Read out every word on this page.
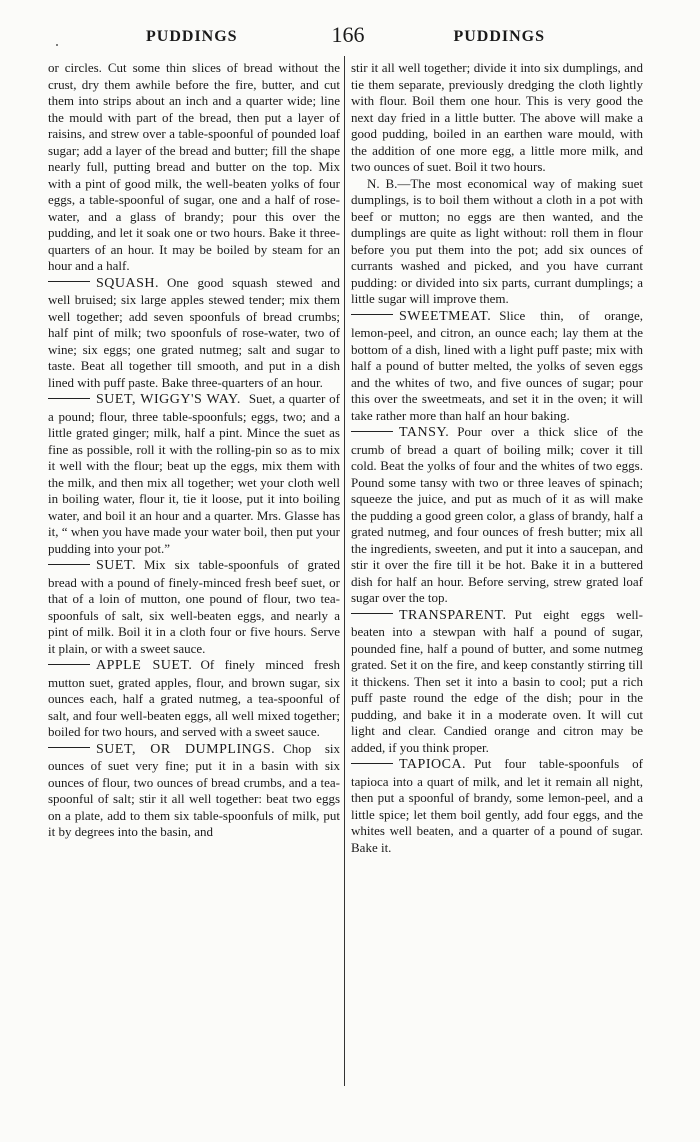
PUDDINGS	166	PUDDINGS

or circles. Cut some thin slices of bread without the crust, dry them awhile before the fire, butter, and cut them into strips about an inch and a quarter wide; line the mould with part of the bread, then put a layer of raisins, and strew over a table-spoonful of pounded loaf sugar; add a layer of the bread and butter; fill the shape nearly full, putting bread and butter on the top. Mix with a pint of good milk, the well-beaten yolks of four eggs, a table-spoonful of sugar, one and a half of rose-water, and a glass of brandy; pour this over the pudding, and let it soak one or two hours. Bake it three-quarters of an hour. It may be boiled by steam for an hour and a half.

SQUASH. One good squash stewed and well bruised; six large apples stewed tender; mix them well together; add seven spoonfuls of bread crumbs; half pint of milk; two spoonfuls of rose-water, two of wine; six eggs; one grated nutmeg; salt and sugar to taste. Beat all together till smooth, and put in a dish lined with puff paste. Bake three-quarters of an hour.

SUET, WIGGY'S WAY. Suet, a quarter of a pound; flour, three table-spoonfuls; eggs, two; and a little grated ginger; milk, half a pint. Mince the suet as fine as possible, roll it with the rolling-pin so as to mix it well with the flour; beat up the eggs, mix them with the milk, and then mix all together; wet your cloth well in boiling water, flour it, tie it loose, put it into boiling water, and boil it an hour and a quarter. Mrs. Glasse has it, “ when you have made your water boil, then put your pudding into your pot.”

SUET. Mix six table-spoonfuls of grated bread with a pound of finely-minced fresh beef suet, or that of a loin of mutton, one pound of flour, two tea-spoonfuls of salt, six well-beaten eggs, and nearly a pint of milk. Boil it in a cloth four or five hours. Serve it plain, or with a sweet sauce.

APPLE SUET. Of finely minced fresh mutton suet, grated apples, flour, and brown sugar, six ounces each, half a grated nutmeg, a tea-spoonful of salt, and four well-beaten eggs, all well mixed together; boiled for two hours, and served with a sweet sauce.

SUET, OR DUMPLINGS. Chop six ounces of suet very fine; put it in a basin with six ounces of flour, two ounces of bread crumbs, and a tea-spoonful of salt; stir it all well together: beat two eggs on a plate, add to them six table-spoonfuls of milk, put it by degrees into the basin, and

stir it all well together; divide it into six dumplings, and tie them separate, previously dredging the cloth lightly with flour. Boil them one hour. This is very good the next day fried in a little butter. The above will make a good pudding, boiled in an earthen ware mould, with the addition of one more egg, a little more milk, and two ounces of suet. Boil it two hours.

N. B.—The most economical way of making suet dumplings, is to boil them without a cloth in a pot with beef or mutton; no eggs are then wanted, and the dumplings are quite as light without: roll them in flour before you put them into the pot; add six ounces of currants washed and picked, and you have currant pudding: or divided into six parts, currant dumplings; a little sugar will improve them.

SWEETMEAT. Slice thin, of orange, lemon-peel, and citron, an ounce each; lay them at the bottom of a dish, lined with a light puff paste; mix with half a pound of butter melted, the yolks of seven eggs and the whites of two, and five ounces of sugar; pour this over the sweetmeats, and set it in the oven; it will take rather more than half an hour baking.

TANSY. Pour over a thick slice of the crumb of bread a quart of boiling milk; cover it till cold. Beat the yolks of four and the whites of two eggs. Pound some tansy with two or three leaves of spinach; squeeze the juice, and put as much of it as will make the pudding a good green color, a glass of brandy, half a grated nutmeg, and four ounces of fresh butter; mix all the ingredients, sweeten, and put it into a saucepan, and stir it over the fire till it be hot. Bake it in a buttered dish for half an hour. Before serving, strew grated loaf sugar over the top.

TRANSPARENT. Put eight eggs well-beaten into a stewpan with half a pound of sugar, pounded fine, half a pound of butter, and some nutmeg grated. Set it on the fire, and keep constantly stirring till it thickens. Then set it into a basin to cool; put a rich puff paste round the edge of the dish; pour in the pudding, and bake it in a moderate oven. It will cut light and clear. Candied orange and citron may be added, if you think proper.

TAPIOCA. Put four table-spoonfuls of tapioca into a quart of milk, and let it remain all night, then put a spoonful of brandy, some lemon-peel, and a little spice; let them boil gently, add four eggs, and the whites well beaten, and a quarter of a pound of sugar. Bake it.
